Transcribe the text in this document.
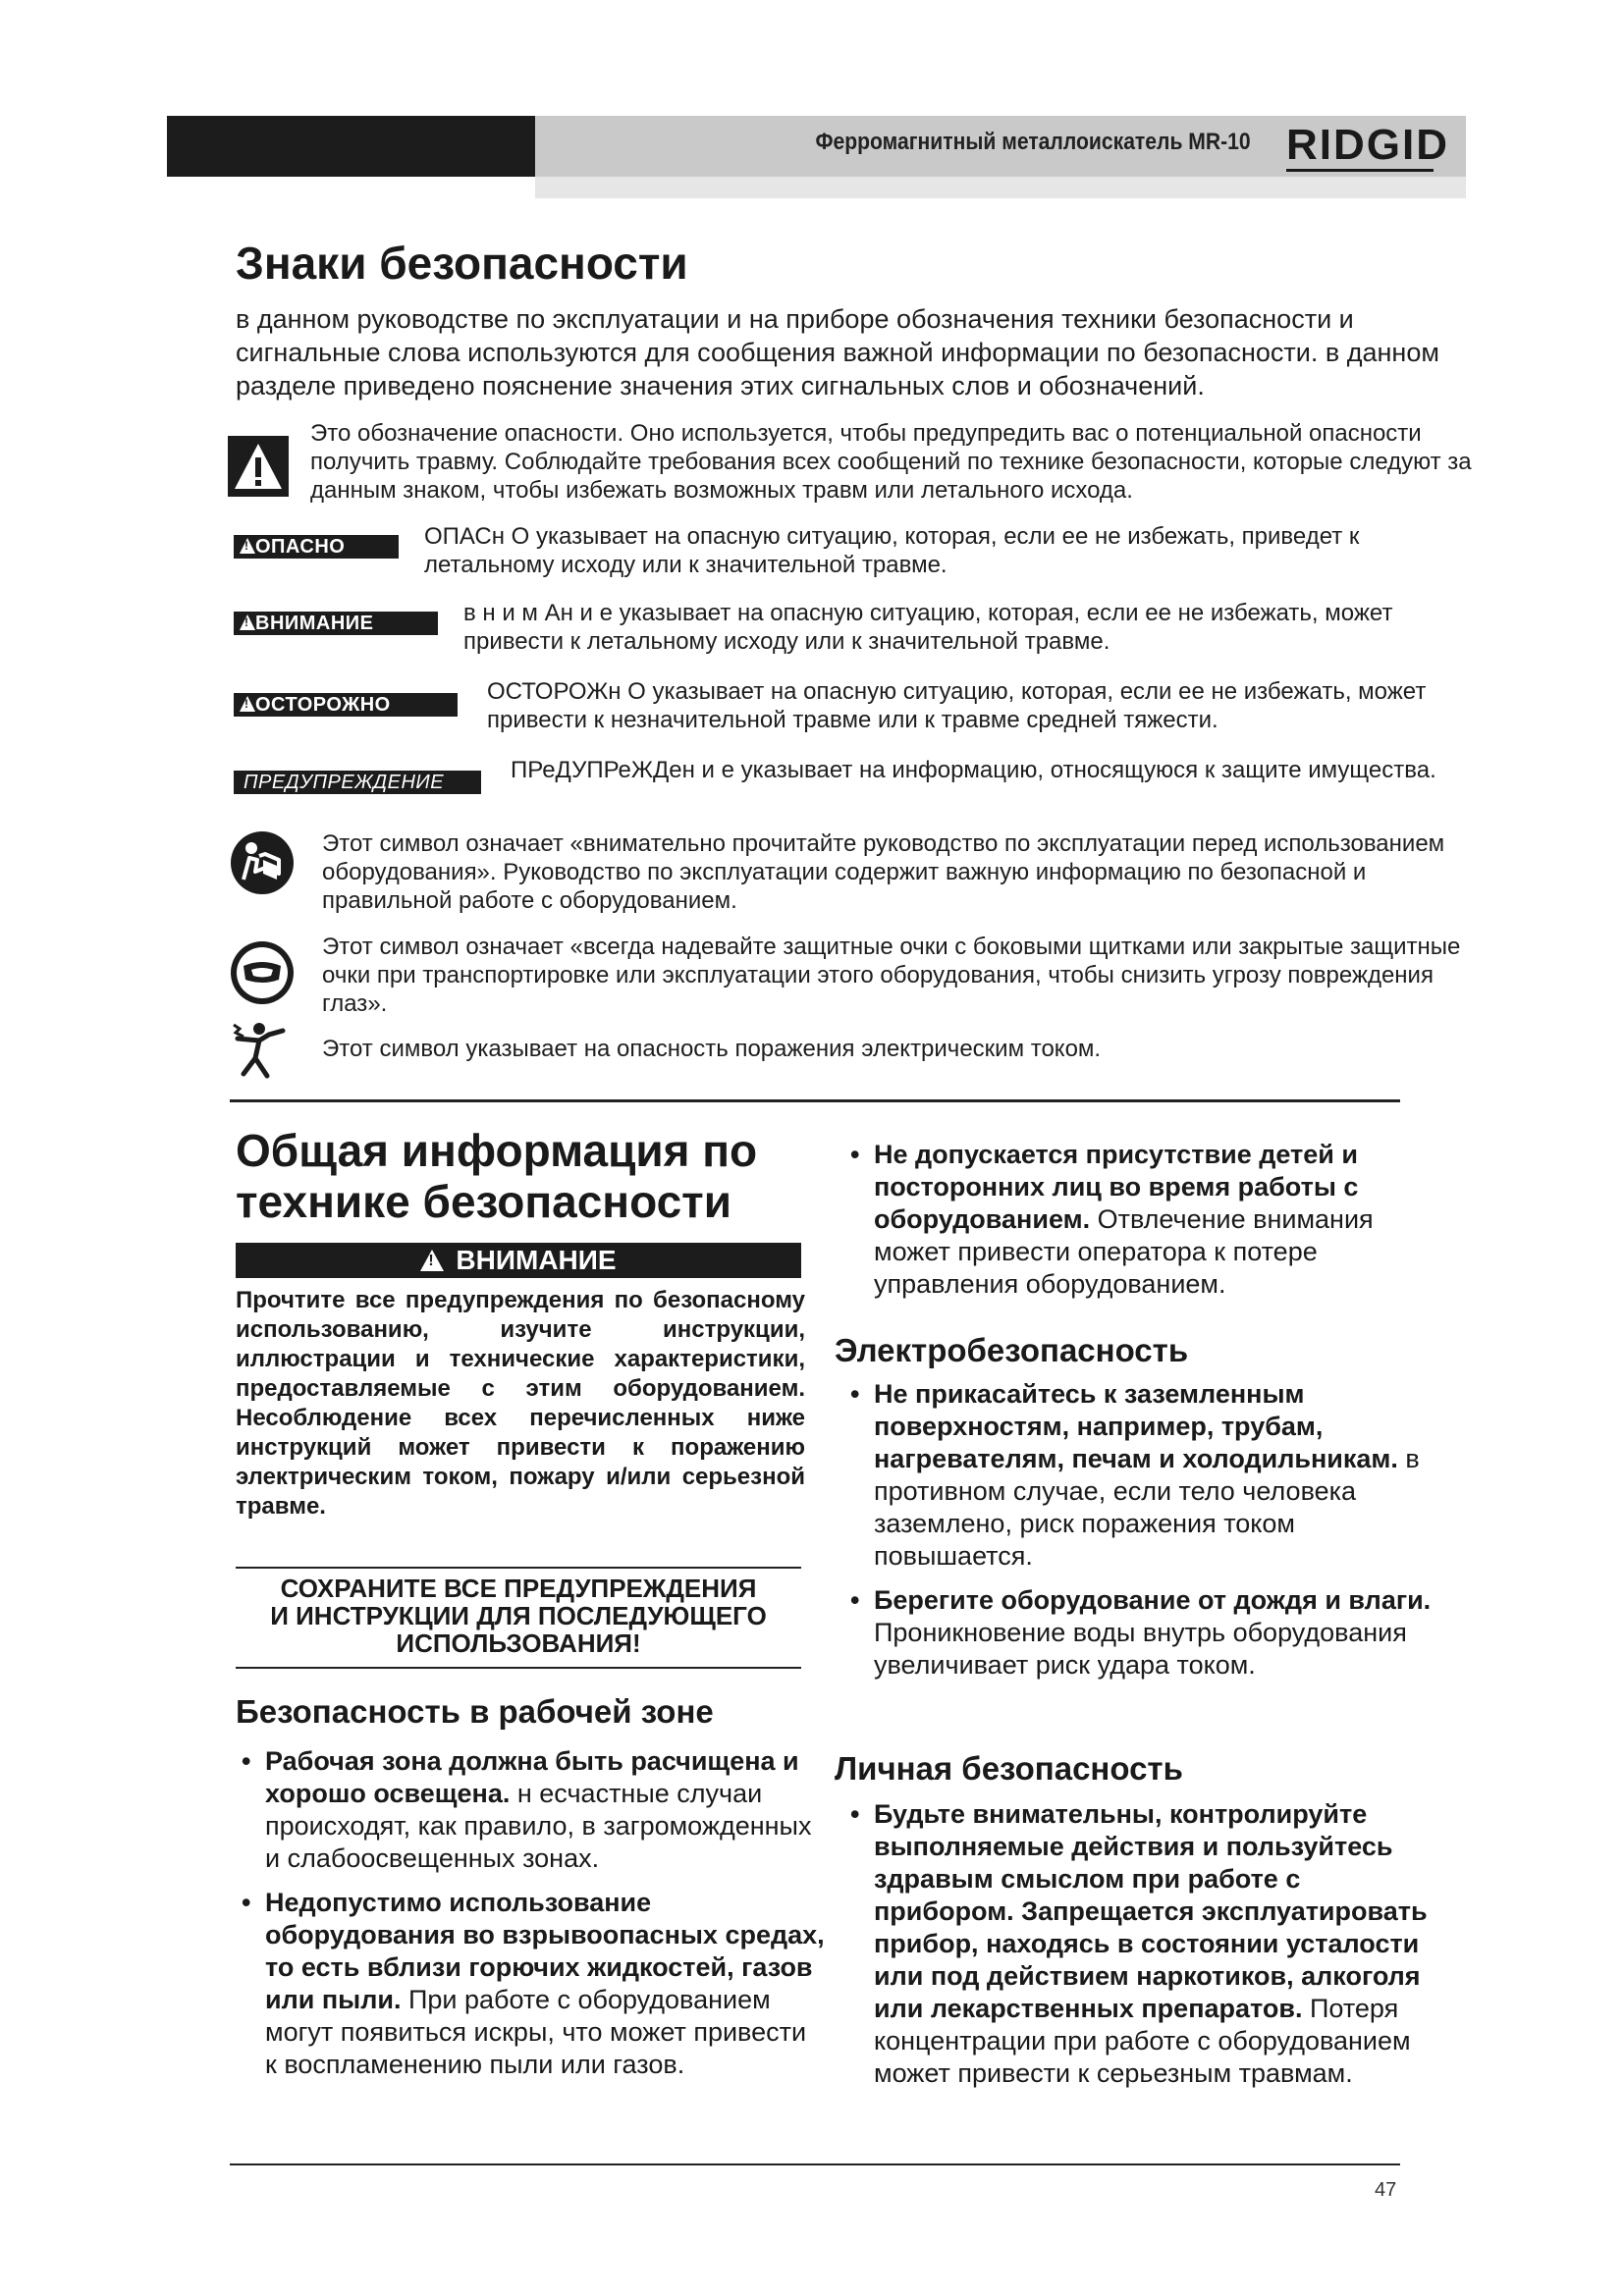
Ферромагнитный металлоискатель MR-10 RIDGID
Знаки безопасности
в данном руководстве по эксплуатации и на приборе обозначения техники безопасности и сигнальные слова используются для сообщения важной информации по безопасности. в данном разделе приведено пояснение значения этих сигнальных слов и обозначений.
Это обозначение опасности. Оно используется, чтобы предупредить вас о потенциальной опасности получить травму. Соблюдайте требования всех сообщений по технике безопасности, которые следуют за данным знаком, чтобы избежать возможных травм или летального исхода.
!
ОПАСНО	ОПАСн О указывает на опасную ситуацию, которая, если ее не избежать, приведет к летальному исходу или к значительной травме.
!
ВНИМАНИЕ	в н и м Ан и е указывает на опасную ситуацию, которая, если ее не избежать, может привести к летальному исходу или к значительной травме.
!
ОСТОРОЖНО	ОСТОРОЖн О указывает на опасную ситуацию, которая, если ее не избежать, может привести к незначительной травме или к травме средней тяжести.
ПРЕДУПРЕЖДЕНИЕ	ПРеДУПРеЖДен и е указывает на информацию, относящуюся к защите имущества.
Этот символ означает «внимательно прочитайте руководство по эксплуатации перед использованием оборудования». Руководство по эксплуатации содержит важную информацию по безопасной и правильной работе с оборудованием.
Этот символ означает «всегда надевайте защитные очки с боковыми щитками или закрытые защитные очки при транспортировке или эксплуатации этого оборудования, чтобы снизить угрозу повреждения глаз».
Этот символ указывает на опасность поражения электрическим током.
Общая информация по
технике безопасности
!ВНИМАНИЕ
Прочтите все предупреждения по безопасному использованию, изучите инструкции, иллюстрации и технические характеристики, предоставляемые с этим оборудованием. Несоблюдение всех перечисленных ниже инструкций может привести к поражению электрическим током, пожару и/или серьезной травме.
СОХРАНИТЕ ВСЕ ПРЕДУПРЕЖДЕНИЯ
И ИНСТРУКЦИИ ДЛЯ ПОСЛЕДУЮЩЕГО
ИСПОЛЬЗОВАНИЯ!
Безопасность в рабочей зоне
• Рабочая зона должна быть расчищена и хорошо освещена. н есчастные случаи происходят, как правило, в загроможденных и слабоосвещенных зонах.
• Недопустимо использование оборудования во взрывоопасных средах, то есть вблизи горючих жидкостей, газов или пыли. При работе с оборудованием могут появиться искры, что может привести к воспламенению пыли или газов.
• Не допускается присутствие детей и посторонних лиц во время работы с оборудованием. Отвлечение внимания может привести оператора к потере управления оборудованием.
Электробезопасность
• Не прикасайтесь к заземленным поверхностям, например, трубам, нагревателям, печам и холодильникам. в противном случае, если тело человека заземлено, риск поражения током повышается.
• Берегите оборудование от дождя и влаги. Проникновение воды внутрь оборудования увеличивает риск удара током.
Личная безопасность
• Будьте внимательны, контролируйте выполняемые действия и пользуйтесь здравым смыслом при работе с прибором. Запрещается эксплуатировать прибор, находясь в состоянии усталости или под действием наркотиков, алкоголя или лекарственных препаратов. Потеря концентрации при работе с оборудованием может привести к серьезным травмам.
47
